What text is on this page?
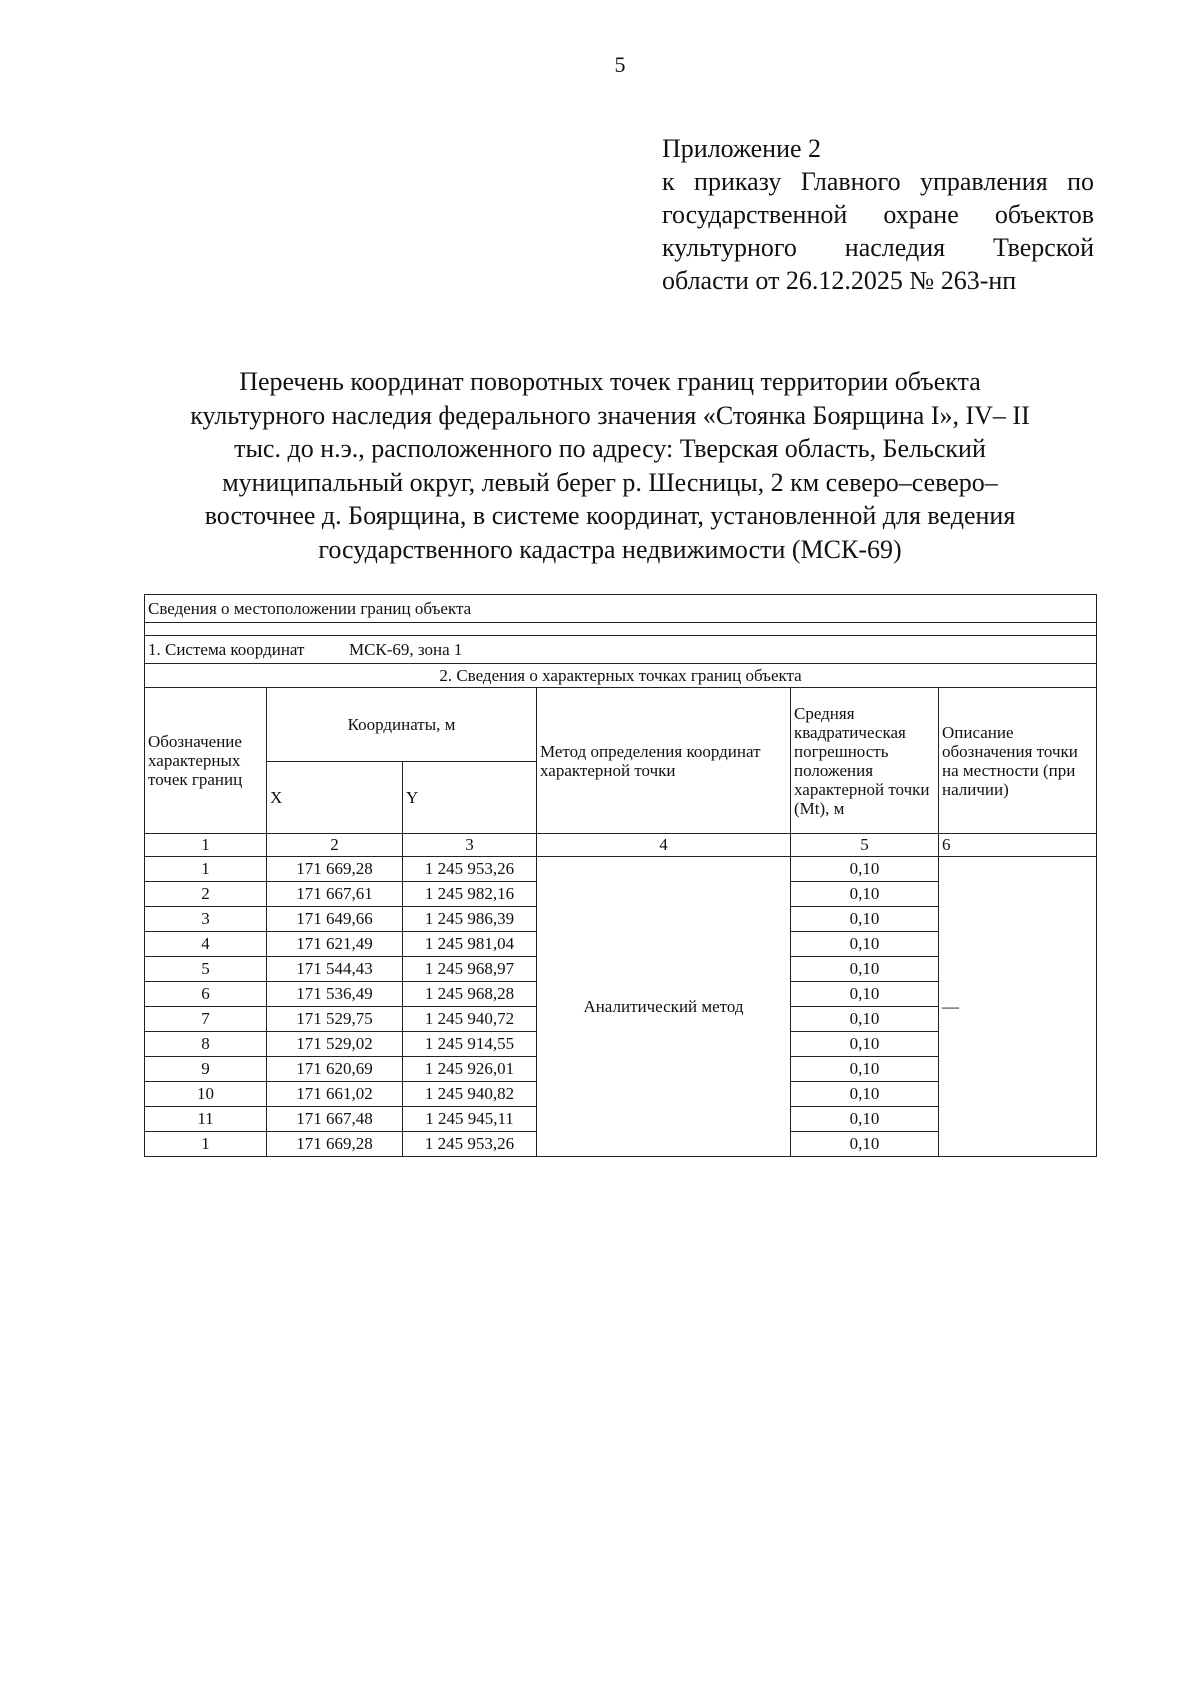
5
Приложение 2
к приказу Главного управления по
государственной охране объектов
культурного наследия Тверской
области от 26.12.2025 № 263-нп
Перечень координат поворотных точек границ территории объекта
культурного наследия федерального значения «Стоянка Боярщина I», IV– II
тыс. до н.э., расположенного по адресу: Тверская область, Бельский
муниципальный округ, левый берег р. Шесницы, 2 км северо–северо–
восточнее д. Боярщина, в системе координат, установленной для ведения
государственного кадастра недвижимости (МСК-69)
Сведения о местоположении границ объекта					

1. Система координат МСК-69, зона 1					
2. Сведения о характерных точках границ объекта					
Обозначение характерных точек границ	Координаты, м		Метод определения координат характерной точки	Средняя квадратическая погрешность положения характерной точки (Mt), м	Описание обозначения точки на местности (при наличии)
	X	Y			
1	2	3	4	5	6
1	171 669,28	1 245 953,26	Аналитический метод	0,10	—
2	171 667,61	1 245 982,16		0,10	
3	171 649,66	1 245 986,39		0,10	
4	171 621,49	1 245 981,04		0,10	
5	171 544,43	1 245 968,97		0,10	
6	171 536,49	1 245 968,28		0,10	
7	171 529,75	1 245 940,72		0,10	
8	171 529,02	1 245 914,55		0,10	
9	171 620,69	1 245 926,01		0,10	
10	171 661,02	1 245 940,82		0,10	
11	171 667,48	1 245 945,11		0,10	
1	171 669,28	1 245 953,26		0,10	
